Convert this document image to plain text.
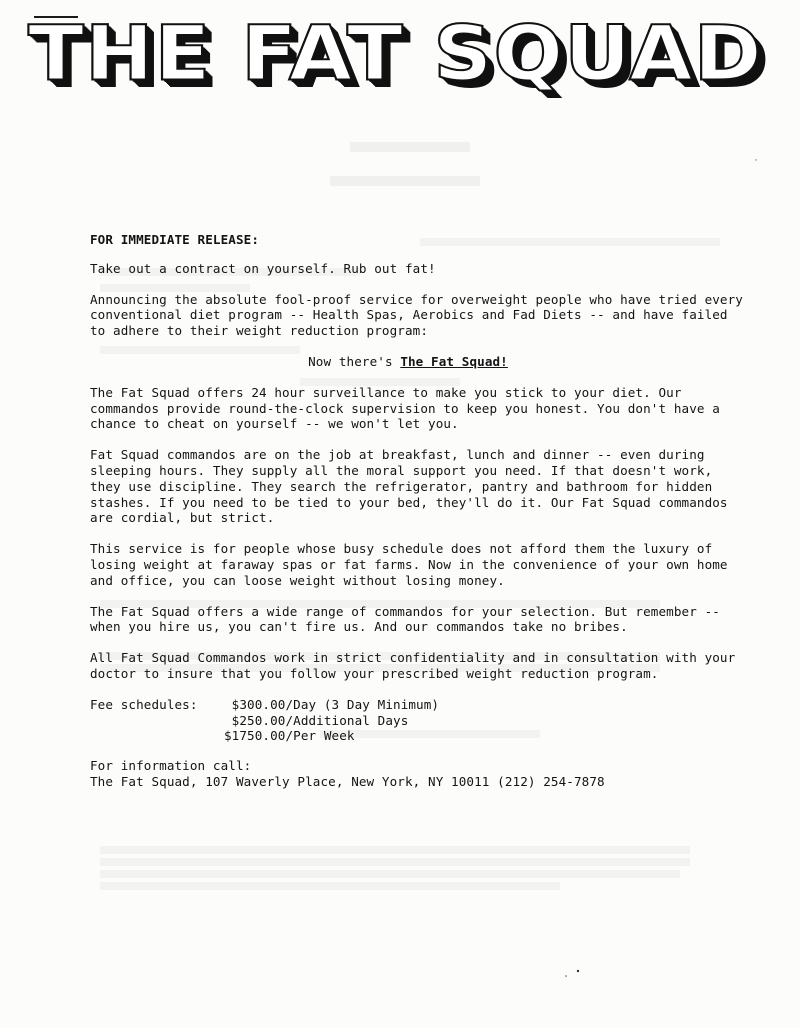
THE FAT SQUAD

FOR IMMEDIATE RELEASE:

Take out a contract on yourself. Rub out fat!

Announcing the absolute fool-proof service for overweight people who have tried every conventional diet program -- Health Spas, Aerobics and Fad Diets -- and have failed to adhere to their weight reduction program:

Now there's The Fat Squad!

The Fat Squad offers 24 hour surveillance to make you stick to your diet. Our commandos provide round-the-clock supervision to keep you honest. You don't have a chance to cheat on yourself -- we won't let you.

Fat Squad commandos are on the job at breakfast, lunch and dinner -- even during sleeping hours. They supply all the moral support you need. If that doesn't work, they use discipline. They search the refrigerator, pantry and bathroom for hidden stashes. If you need to be tied to your bed, they'll do it. Our Fat Squad commandos are cordial, but strict.

This service is for people whose busy schedule does not afford them the luxury of losing weight at faraway spas or fat farms. Now in the convenience of your own home and office, you can loose weight without losing money.

The Fat Squad offers a wide range of commandos for your selection. But remember -- when you hire us, you can't fire us. And our commandos take no bribes.

All Fat Squad Commandos work in strict confidentiality and in consultation with your doctor to insure that you follow your prescribed weight reduction program.

Fee schedules:	$300.00/Day (3 Day Minimum)
$250.00/Additional Days
$1750.00/Per Week
For information call:
The Fat Squad, 107 Waverly Place, New York, NY 10011 (212) 254-7878
